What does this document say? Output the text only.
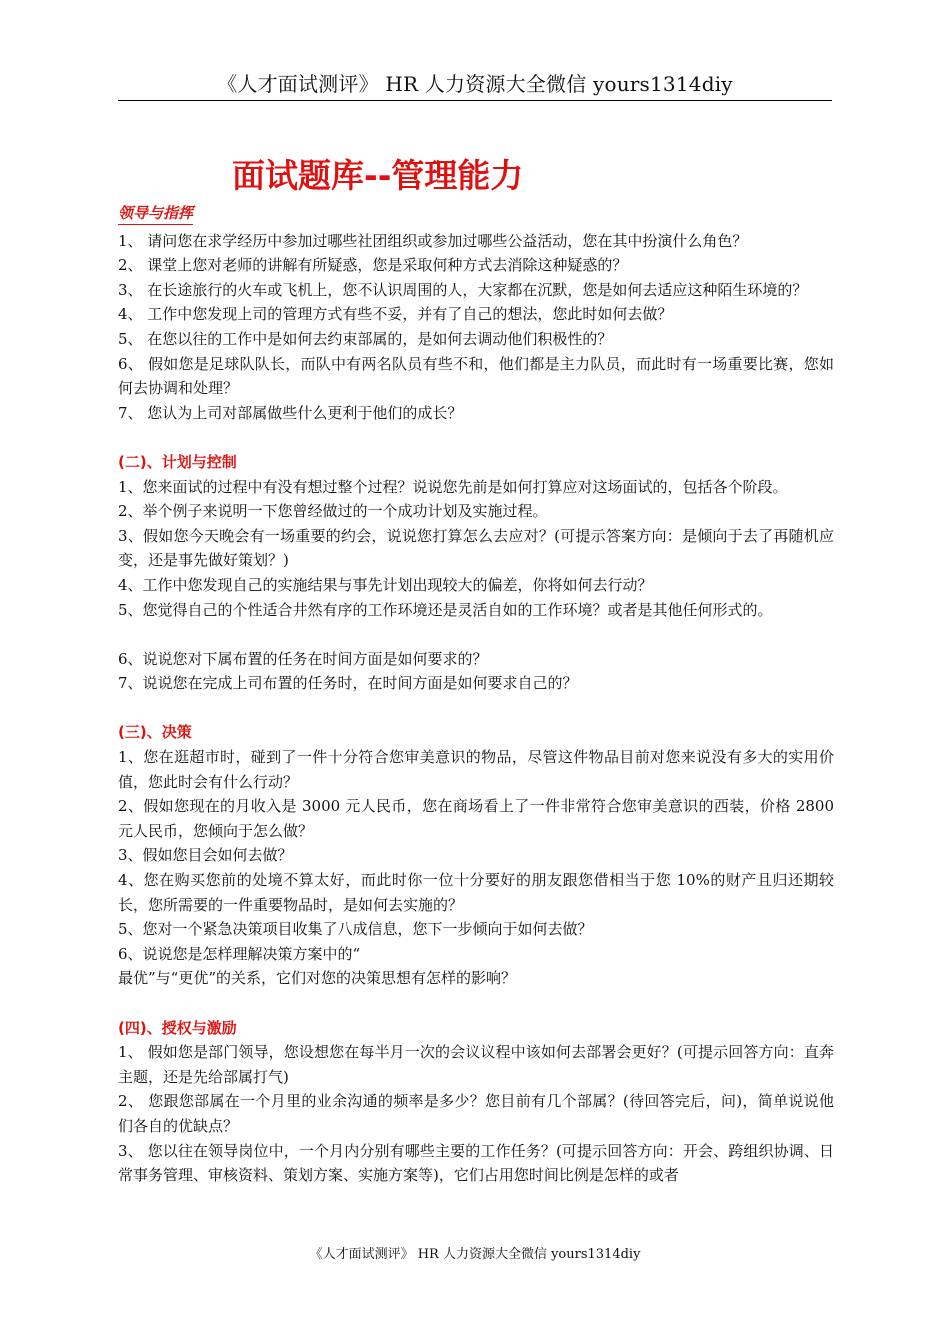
《人才面试测评》 HR 人力资源大全微信 yours1314diy
面试题库--管理能力
领导与指挥
1、 请问您在求学经历中参加过哪些社团组织或参加过哪些公益活动，您在其中扮演什么角色？
2、 课堂上您对老师的讲解有所疑惑，您是采取何种方式去消除这种疑惑的？
3、 在长途旅行的火车或飞机上，您不认识周围的人，大家都在沉默，您是如何去适应这种陌生环境的？
4、 工作中您发现上司的管理方式有些不妥，并有了自己的想法，您此时如何去做？
5、 在您以往的工作中是如何去约束部属的，是如何去调动他们积极性的？
6、 假如您是足球队队长，而队中有两名队员有些不和，他们都是主力队员，而此时有一场重要比赛，您如何去协调和处理？
7、 您认为上司对部属做些什么更利于他们的成长？
(二)、计划与控制
1、您来面试的过程中有没有想过整个过程？说说您先前是如何打算应对这场面试的，包括各个阶段。
2、举个例子来说明一下您曾经做过的一个成功计划及实施过程。
3、假如您今天晚会有一场重要的约会，说说您打算怎么去应对？(可提示答案方向：是倾向于去了再随机应变，还是事先做好策划？)
4、工作中您发现自己的实施结果与事先计划出现较大的偏差，你将如何去行动？
5、您觉得自己的个性适合井然有序的工作环境还是灵活自如的工作环境？或者是其他任何形式的。
6、说说您对下属布置的任务在时间方面是如何要求的？
7、说说您在完成上司布置的任务时，在时间方面是如何要求自己的？
(三)、决策
1、您在逛超市时，碰到了一件十分符合您审美意识的物品，尽管这件物品目前对您来说没有多大的实用价值，您此时会有什么行动？
2、假如您现在的月收入是 3000 元人民币，您在商场看上了一件非常符合您审美意识的西装，价格 2800 元人民币，您倾向于怎么做？
3、假如您目会如何去做？
4、您在购买您前的处境不算太好，而此时你一位十分要好的朋友跟您借相当于您 10%的财产且归还期较长，您所需要的一件重要物品时，是如何去实施的？
5、您对一个紧急决策项目收集了八成信息，您下一步倾向于如何去做？
6、说说您是怎样理解决策方案中的“
最优”与“更优”的关系，它们对您的决策思想有怎样的影响？
(四)、授权与激励
1、 假如您是部门领导，您设想您在每半月一次的会议议程中该如何去部署会更好？(可提示回答方向：直奔主题，还是先给部属打气)
2、 您跟您部属在一个月里的业余沟通的频率是多少？您目前有几个部属？(待回答完后，问)，简单说说他们各自的优缺点？
3、 您以往在领导岗位中，一个月内分别有哪些主要的工作任务？(可提示回答方向：开会、跨组织协调、日常事务管理、审核资料、策划方案、实施方案等)，它们占用您时间比例是怎样的或者
《人才面试测评》 HR 人力资源大全微信 yours1314diy
